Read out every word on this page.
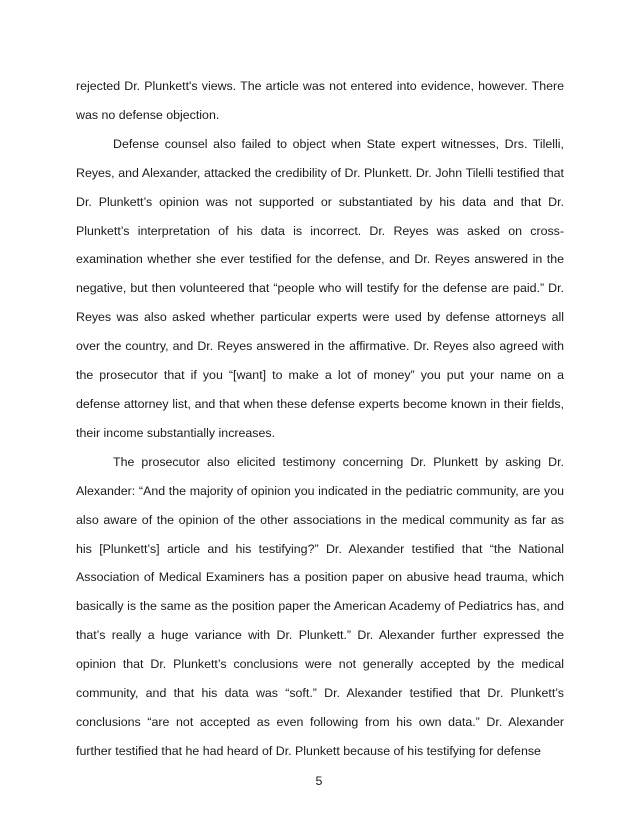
rejected Dr. Plunkett's views. The article was not entered into evidence, however. There was no defense objection.

Defense counsel also failed to object when State expert witnesses, Drs. Tilelli, Reyes, and Alexander, attacked the credibility of Dr. Plunkett. Dr. John Tilelli testified that Dr. Plunkett’s opinion was not supported or substantiated by his data and that Dr. Plunkett’s interpretation of his data is incorrect. Dr. Reyes was asked on cross-examination whether she ever testified for the defense, and Dr. Reyes answered in the negative, but then volunteered that “people who will testify for the defense are paid.” Dr. Reyes was also asked whether particular experts were used by defense attorneys all over the country, and Dr. Reyes answered in the affirmative. Dr. Reyes also agreed with the prosecutor that if you “[want] to make a lot of money” you put your name on a defense attorney list, and that when these defense experts become known in their fields, their income substantially increases.

The prosecutor also elicited testimony concerning Dr. Plunkett by asking Dr. Alexander: “And the majority of opinion you indicated in the pediatric community, are you also aware of the opinion of the other associations in the medical community as far as his [Plunkett’s] article and his testifying?” Dr. Alexander testified that “the National Association of Medical Examiners has a position paper on abusive head trauma, which basically is the same as the position paper the American Academy of Pediatrics has, and that’s really a huge variance with Dr. Plunkett.” Dr. Alexander further expressed the opinion that Dr. Plunkett’s conclusions were not generally accepted by the medical community, and that his data was “soft.” Dr. Alexander testified that Dr. Plunkett’s conclusions “are not accepted as even following from his own data.” Dr. Alexander further testified that he had heard of Dr. Plunkett because of his testifying for defense

5
